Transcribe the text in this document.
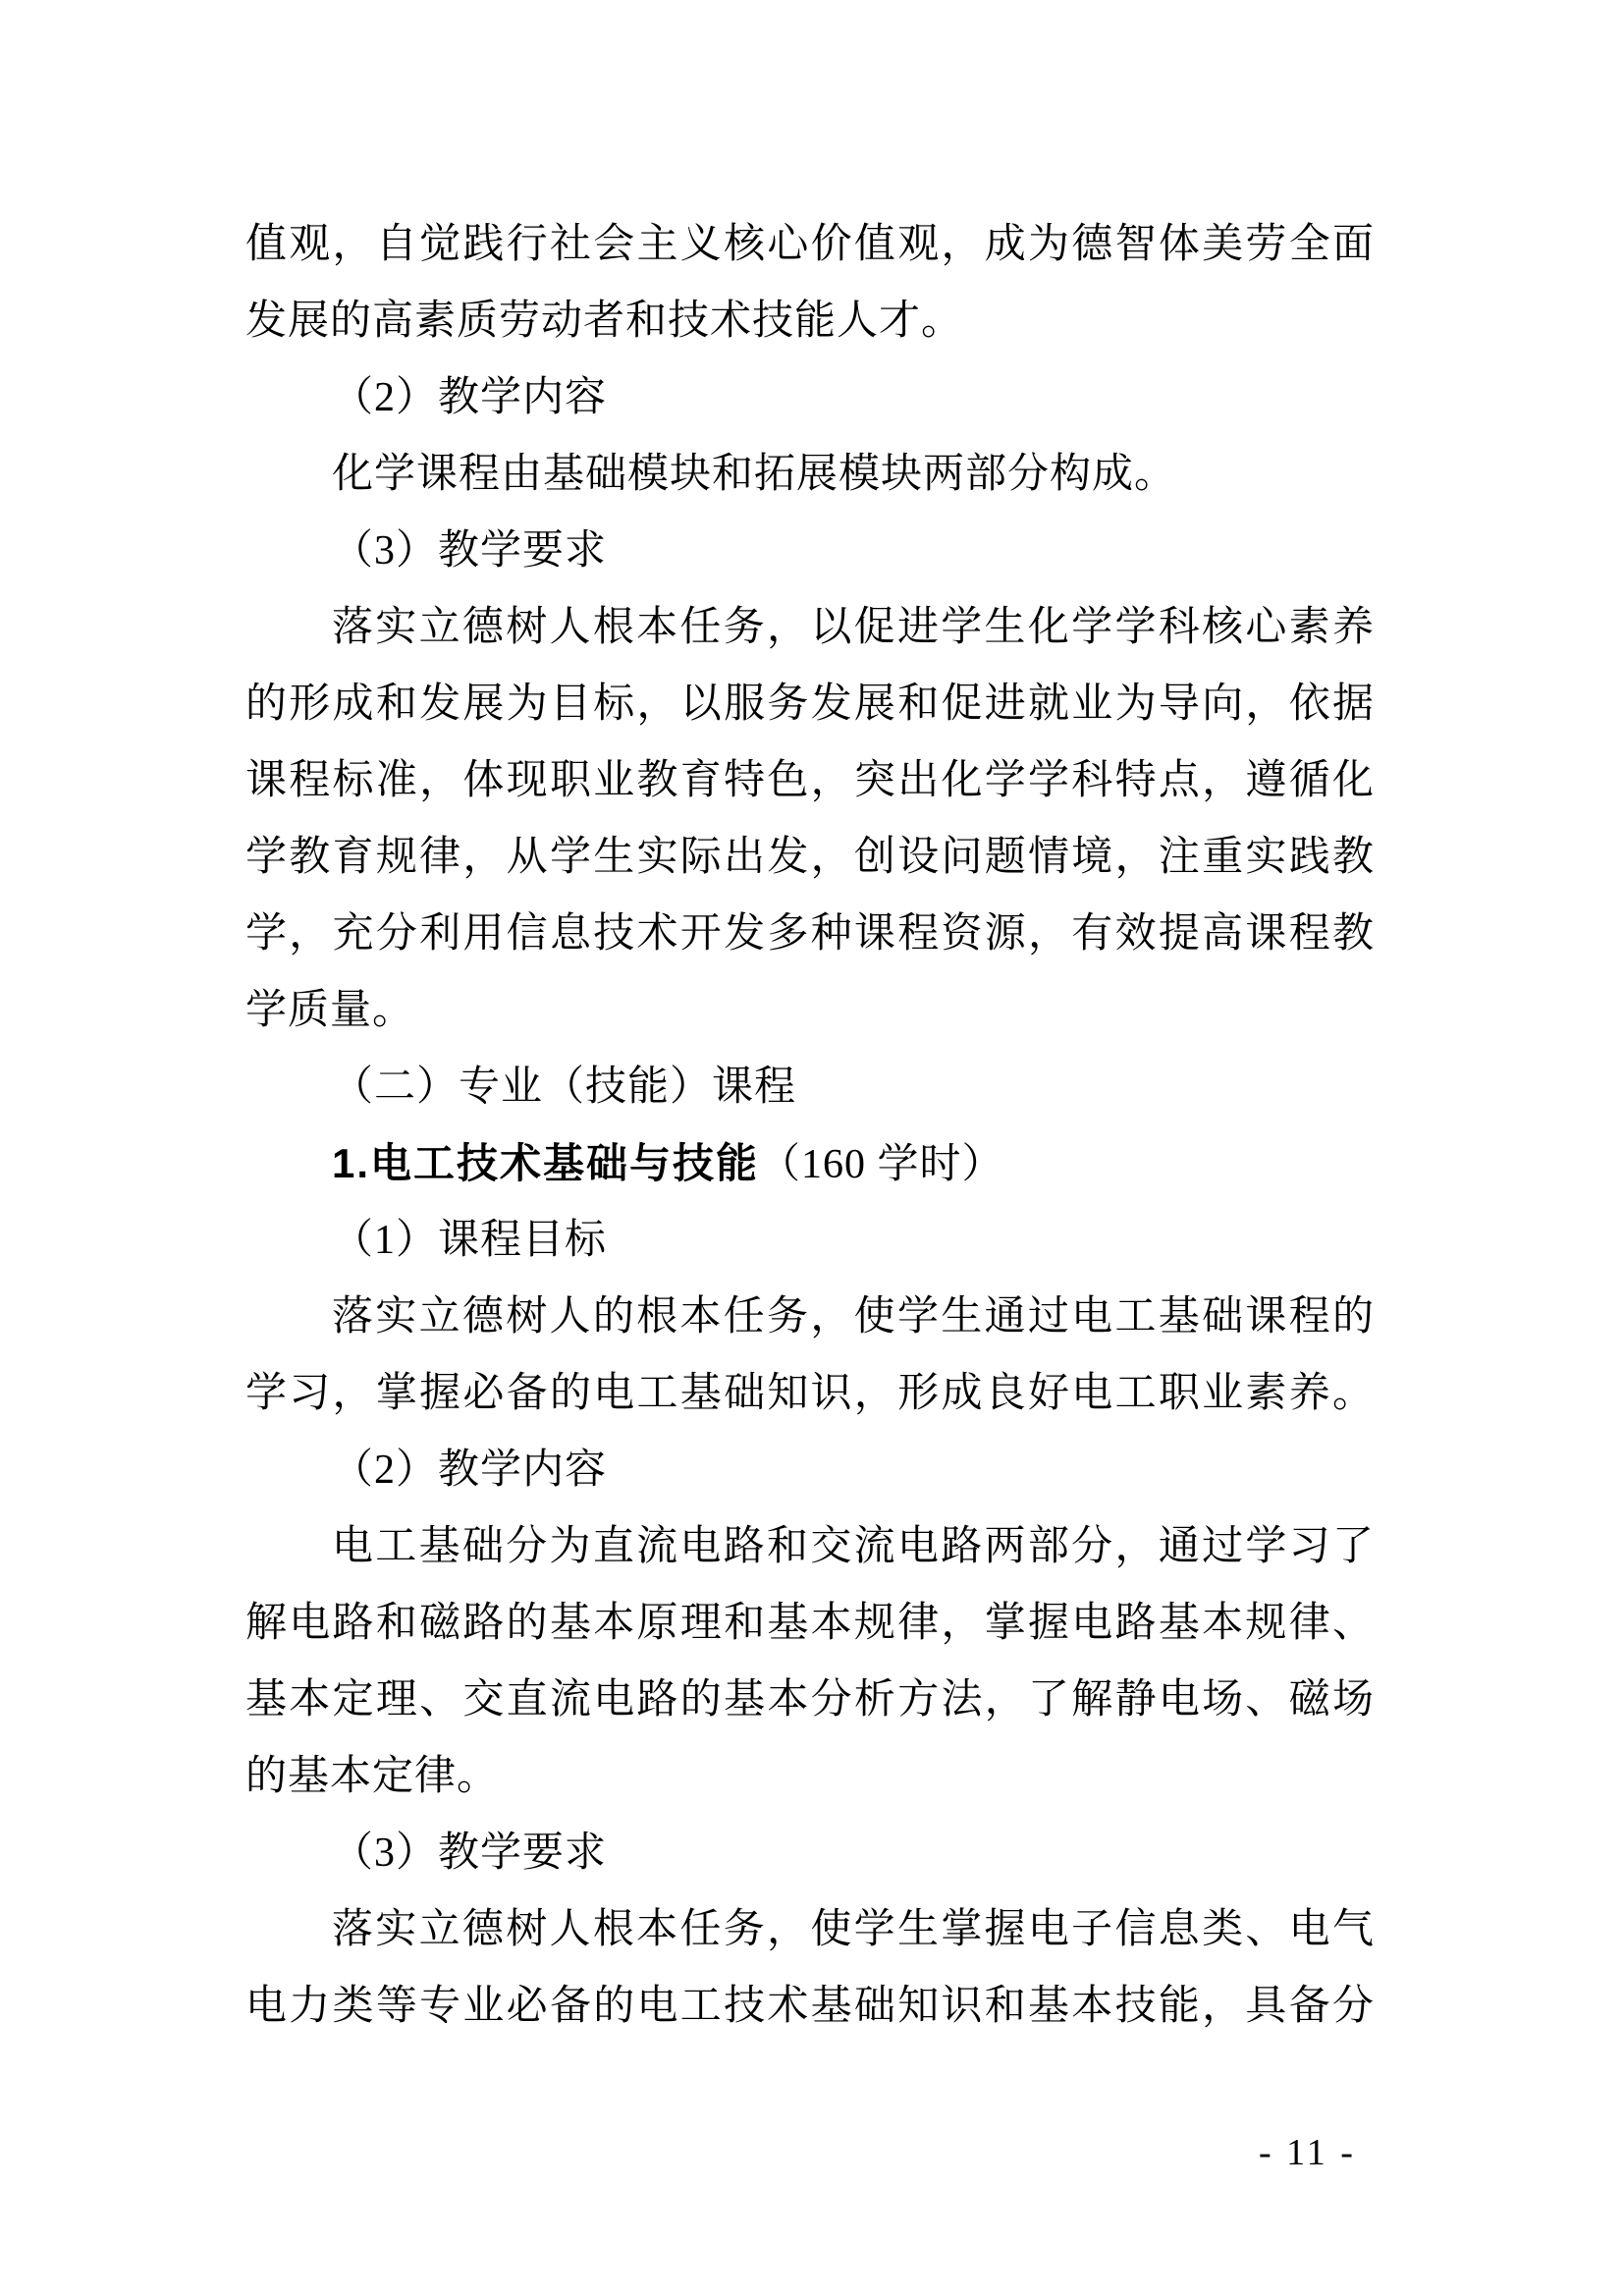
值观，自觉践行社会主义核心价值观，成为德智体美劳全面
发展的高素质劳动者和技术技能人才。
（2）教学内容
化学课程由基础模块和拓展模块两部分构成。
（3）教学要求
落实立德树人根本任务，以促进学生化学学科核心素养
的形成和发展为目标，以服务发展和促进就业为导向，依据
课程标准，体现职业教育特色，突出化学学科特点，遵循化
学教育规律，从学生实际出发，创设问题情境，注重实践教
学，充分利用信息技术开发多种课程资源，有效提高课程教
学质量。
（二）专业（技能）课程
1.电工技术基础与技能（160 学时）
（1）课程目标
落实立德树人的根本任务，使学生通过电工基础课程的
学习，掌握必备的电工基础知识，形成良好电工职业素养。
（2）教学内容
电工基础分为直流电路和交流电路两部分，通过学习了
解电路和磁路的基本原理和基本规律，掌握电路基本规律、
基本定理、交直流电路的基本分析方法，了解静电场、磁场
的基本定律。
（3）教学要求
落实立德树人根本任务，使学生掌握电子信息类、电气
电力类等专业必备的电工技术基础知识和基本技能，具备分
- 11 -
